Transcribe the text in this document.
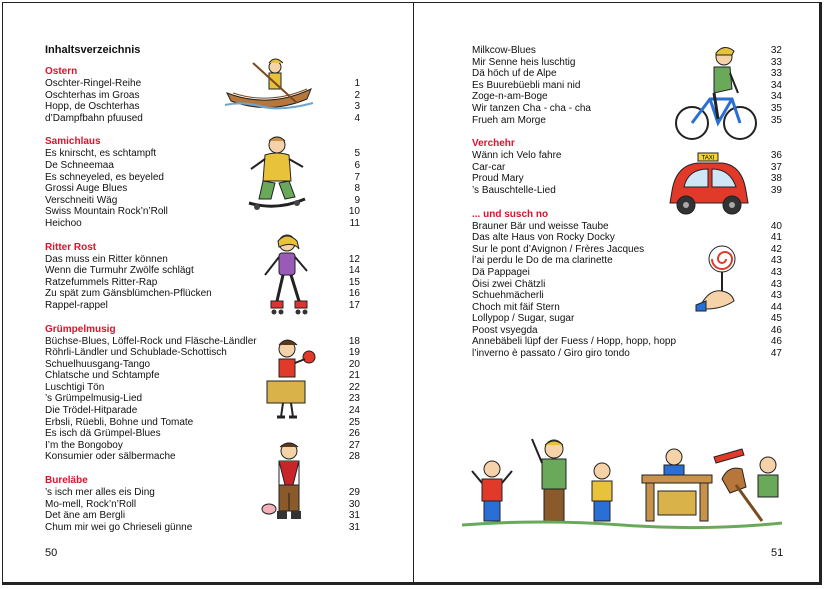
Inhaltsverzeichnis
Ostern
Oschter-Ringel-Reihe	1
Oschterhas im Groas	2
Hopp, de Oschterhas	3
d’Dampfbahn pfuused	4
Samichlaus
Es knirscht, es schtampft	5
De Schneemaa	6
Es schneyeled, es beyeled	7
Grossi Auge Blues	8
Verschneiti Wäg	9
Swiss Mountain Rock’n’Roll	10
Heichoo	11
Ritter Rost
Das muss ein Ritter können	12
Wenn die Turmuhr Zwölfe schlägt	14
Ratzefummels Ritter-Rap	15
Zu spät zum Gänsblümchen-Pflücken	16
Rappel-rappel	17
Grümpelmusig
Büchse-Blues, Löffel-Rock und Fläsche-Ländler	18
Röhrli-Ländler und Schublade-Schottisch	19
Schuelhuusgang-Tango	20
Chlatsche und Schtampfe	21
Luschtigi Tön	22
’s Grümpelmusig-Lied	23
Die Trödel-Hitparade	24
Erbsli, Rüebli, Bohne und Tomate	25
Es isch dä Grümpel-Blues	26
I’m the Bongoboy	27
Konsumier oder sälbermache	28
Bureläbe
’s isch mer alles eis Ding	29
Mo-mell, Rock’n’Roll	30
Det äne am Bergli	31
Chum mir wei go Chrieseli günne	31
50
Milkcow-Blues	32
Mir Senne heis luschtig	33
Dä höch uf de Alpe	33
Es Buurebüebli mani nid	34
Zoge-n-am-Boge	34
Wir tanzen Cha - cha - cha	35
Frueh am Morge	35
Verchehr
Wänn ich Velo fahre	36
Car-car	37
Proud Mary	38
’s Bauschtelle-Lied	39
... und susch no
Brauner Bär und weisse Taube	40
Das alte Haus von Rocky Docky	41
Sur le pont d’Avignon / Frères Jacques	42
l’ai perdu le Do de ma clarinette	43
Dä Pappagei	43
Öisi zwei Chätzli	43
Schuehmächerli	43
Choch mit fäif Stern	44
Lollypop / Sugar, sugar	45
Poost vsyegda	46
Annebäbeli lüpf der Fuess / Hopp, hopp, hopp	46
l’inverno è passato / Giro giro tondo	47
51
TAXI
